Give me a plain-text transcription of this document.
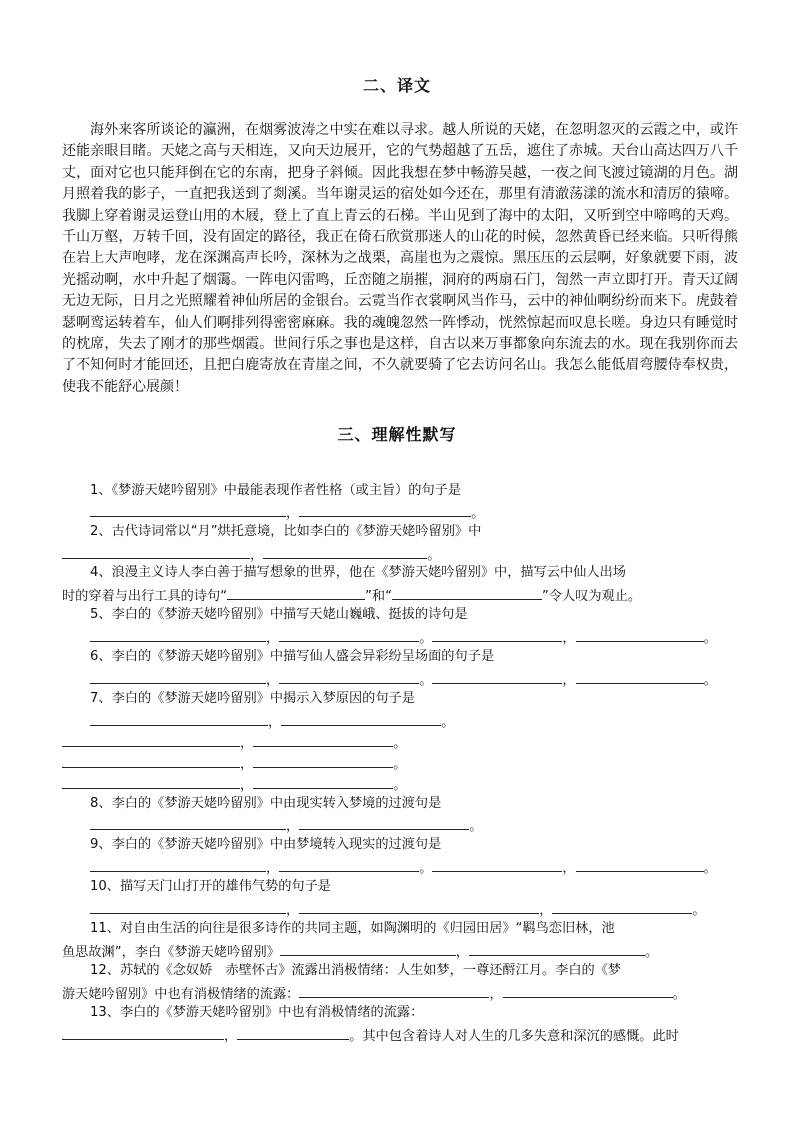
二、译文

海外来客所谈论的瀛洲，在烟雾波涛之中实在难以寻求。越人所说的天姥，在忽明忽灭的云霞之中，或许还能亲眼目睹。天姥之高与天相连，又向天边展开，它的气势超越了五岳，遮住了赤城。天台山高达四万八千丈，面对它也只能拜倒在它的东南，把身子斜倾。因此我想在梦中畅游吴越，一夜之间飞渡过镜湖的月色。湖月照着我的影子，一直把我送到了剡溪。当年谢灵运的宿处如今还在，那里有清澈荡漾的流水和清厉的猿啼。我脚上穿着谢灵运登山用的木屐，登上了直上青云的石梯。半山见到了海中的太阳，又听到空中啼鸣的天鸡。千山万壑，万转千回，没有固定的路径，我正在倚石欣赏那迷人的山花的时候，忽然黄昏已经来临。只听得熊在岩上大声咆哮，龙在深渊高声长吟，深林为之战栗，高崖也为之震惊。黑压压的云层啊，好象就要下雨，波光摇动啊，水中升起了烟霭。一阵电闪雷鸣，丘峦随之崩摧，洞府的两扇石门，訇然一声立即打开。青天辽阔无边无际，日月之光照耀着神仙所居的金银台。云霓当作衣裳啊风当作马，云中的神仙啊纷纷而来下。虎鼓着瑟啊鸾运转着车，仙人们啊排列得密密麻麻。我的魂魄忽然一阵悸动，恍然惊起而叹息长嗟。身边只有睡觉时的枕席，失去了刚才的那些烟霞。世间行乐之事也是这样，自古以来万事都象向东流去的水。现在我别你而去了不知何时才能回还，且把白鹿寄放在青崖之间，不久就要骑了它去访问名山。我怎么能低眉弯腰侍奉权贵，使我不能舒心展颜！

三、理解性默写
1、《梦游天姥吟留别》中最能表现作者性格（或主旨）的句子是
，	。
2、古代诗词常以“月”烘托意境，比如李白的《梦游天姥吟留别》中
，	。
4、浪漫主义诗人李白善于描写想象的世界，他在《梦游天姥吟留别》中，描写云中仙人出场
时的穿着与出行工具的诗句“	”和“	”令人叹为观止。
5、李白的《梦游天姥吟留别》中描写天姥山巍峨、挺拔的诗句是
，	。	，	。
6、李白的《梦游天姥吟留别》中描写仙人盛会异彩纷呈场面的句子是
，	。	，	。
7、李白的《梦游天姥吟留别》中揭示入梦原因的句子是
，	。
，	。
，	。
，	。
8、李白的《梦游天姥吟留别》中由现实转入梦境的过渡句是
，	。
9、李白的《梦游天姥吟留别》中由梦境转入现实的过渡句是
，	。	，	。
10、描写天门山打开的雄伟气势的句子是
，	，	。
11、对自由生活的向往是很多诗作的共同主题，如陶渊明的《归园田居》“羁鸟恋旧林，池
鱼思故渊”，李白《梦游天姥吟留别》	，	。
12、苏轼的《念奴娇　赤壁怀古》流露出消极情绪：人生如梦，一尊还酹江月。李白的《梦
游天姥吟留别》中也有消极情绪的流露：	，	。
13、李白的《梦游天姥吟留别》中也有消极情绪的流露：
，	。其中包含着诗人对人生的几多失意和深沉的感慨。此时
